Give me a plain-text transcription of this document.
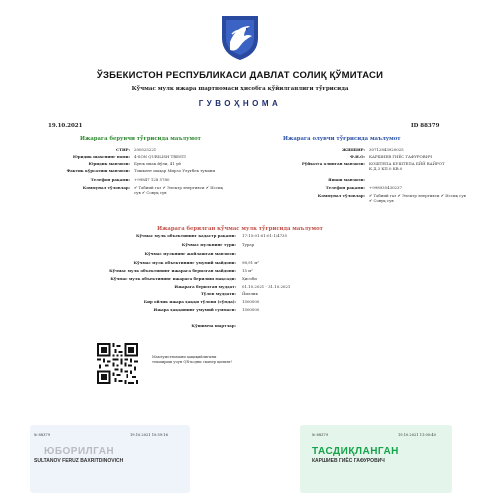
ЎЗБЕКИСТОН РЕСПУБЛИКАСИ ДАВЛАТ СОЛИҚ ҚЎМИТАСИ
Кўчмас мулк ижара шартномаси ҳисобга қўйилганлиги тўғрисида
ГУВОҲНОМА
19.10.2021	ID 88379
Ижарага берувчи тўғрисида маълумот	Ижарага олувчи тўғрисида маълумот
СТИР: 200525221
Юридик шахснинг номи: 4-SON QURILISH TRESTI
Юридик манзили: Буюк ипак йўли, 41 уй
Фактик кўрсатиш манзили: Тошкент шаҳар Мирзо Улуғбек тумани
Телефон рақами: +99847 128 5780
Коммунал тўловлар: ✔ Табиий газ ✔ Электр энергияси ✔ Иссиқ сув ✔ Совуқ сув
ЖШШИР: 30712843920025
Ф.И.О: КАРШИЕВ ГИЁС ГАФУРОВИЧ
Рўйхатга олинган манзили: КОШТЕПА КУШТЕПА БЙЙ ВАЙРОТ К.Д.3 КП.0 КВ.0
Яшаш манзили:
Телефон рақами: +998935430237
Коммунал тўловлар: ✔ Табиий газ ✔ Электр энергияси ✔ Иссиқ сув ✔ Совуқ сув
Ижарага берилган кўчмас мулк тўғрисида маълумот
Кўчмас мулк объектининг кадастр рақами: 17:15:01:01:01:1/4735
Кўчмас мулкнинг тури: Турар
Кўчмас мулкнинг жойлашган манзили:
Кўчмас мулк объектининг умумий майдони: 98,91 м²
Кўчмас мулк объектининг ижарага берилган майдони: 15 м²
Кўчмас мулк объектининг ижарага берилиш мақсади: Ҳисоби
Ижарага берилган муддат: 01.10.2021 - 31.10.2021
Тўлов муддати: Йиллик
Бир ойлик ижара ҳаққи тўлови (сўмда): 1500000
Ижара ҳаққининг умумий суммаси: 1500000
Қўшимча шартлар:
Маълумотномани ҳақиқийлигини текшириш учун QR-кодни сканер қилинг!
№ 88379	19.10.2021 10:59:16
ЮБОРИЛГАН
SULTANOV FERUZ BAXRITDINOVICH
№ 88379	19.10.2021 11:00:40
ТАСДИҚЛАНГАН
КАРШИЕВ ГИЁС ГАФУРОВИЧ
